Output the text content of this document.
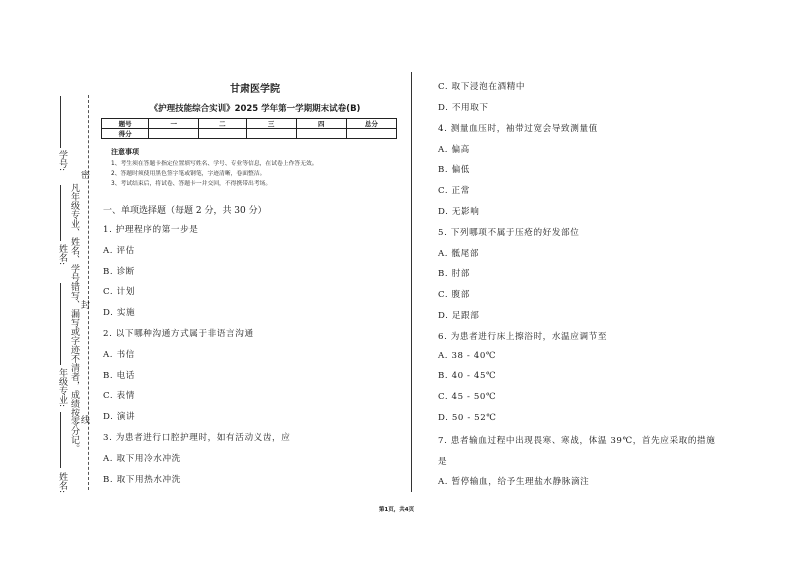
学号:
姓名:
年级专业:
姓名:
凡年级专业、姓名、学号错写、漏写或字迹不清者，成绩按零分记。
密
封
线
甘肃医学院
《护理技能综合实训》2025 学年第一学期期末试卷(B)
题号	一	二	三	四	总分
得分					
注意事项
1、考生须在答题卡指定位置填写姓名、学号、专业等信息，在试卷上作答无效。
2、答题时须使用黑色签字笔或钢笔，字迹清晰，卷面整洁。
3、考试结束后，将试卷、答题卡一并交回，不得携带出考场。
一、单项选择题（每题 2 分，共 30 分）
1. 护理程序的第一步是
A. 评估
B. 诊断
C. 计划
D. 实施
2. 以下哪种沟通方式属于非语言沟通
A. 书信
B. 电话
C. 表情
D. 演讲
3. 为患者进行口腔护理时，如有活动义齿，应
A. 取下用冷水冲洗
B. 取下用热水冲洗
C. 取下浸泡在酒精中
D. 不用取下
4. 测量血压时，袖带过宽会导致测量值
A. 偏高
B. 偏低
C. 正常
D. 无影响
5. 下列哪项不属于压疮的好发部位
A. 骶尾部
B. 肘部
C. 腹部
D. 足跟部
6. 为患者进行床上擦浴时，水温应调节至
A. 38 - 40℃
B. 40 - 45℃
C. 45 - 50℃
D. 50 - 52℃
7. 患者输血过程中出现畏寒、寒战，体温 39℃，首先应采取的措施
是
A. 暂停输血，给予生理盐水静脉滴注
第1页，共4页
